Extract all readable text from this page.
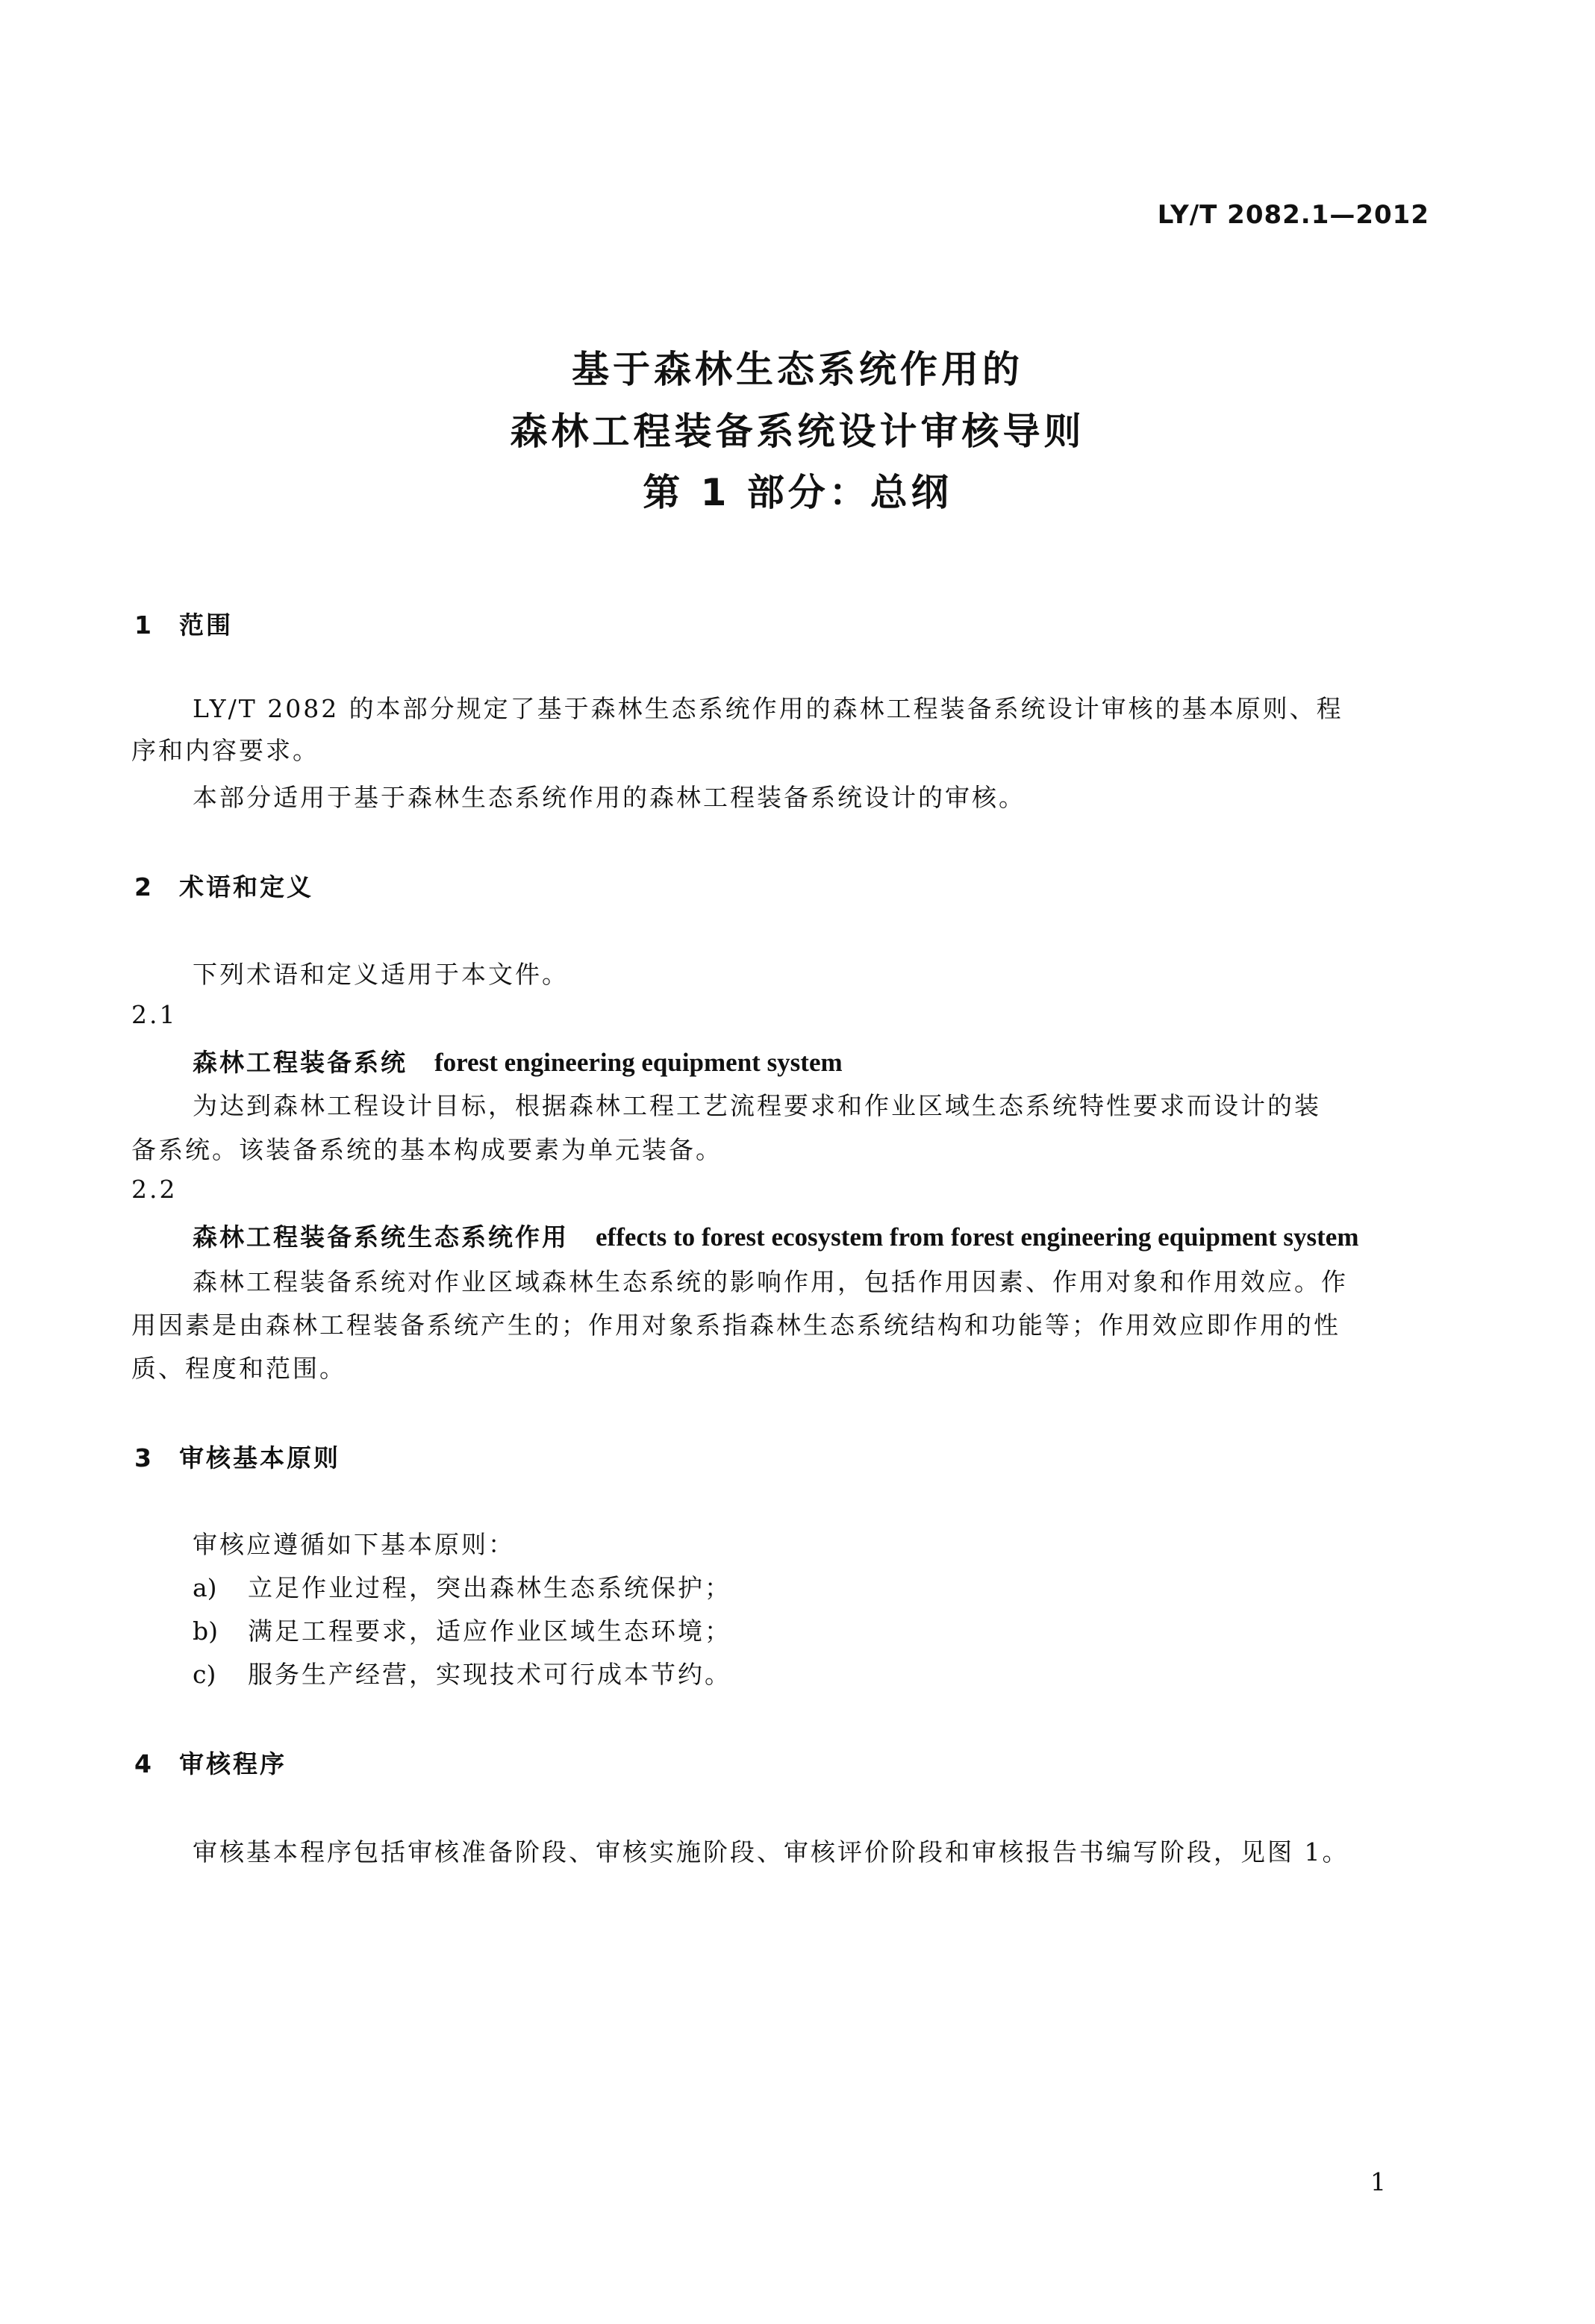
LY/T 2082.1—2012
基于森林生态系统作用的
森林工程装备系统设计审核导则
第 1 部分：总纲
1 范围
LY/T 2082 的本部分规定了基于森林生态系统作用的森林工程装备系统设计审核的基本原则、程
序和内容要求。
本部分适用于基于森林生态系统作用的森林工程装备系统设计的审核。
2 术语和定义
下列术语和定义适用于本文件。
2.1
森林工程装备系统 forest engineering equipment system
为达到森林工程设计目标，根据森林工程工艺流程要求和作业区域生态系统特性要求而设计的装
备系统。该装备系统的基本构成要素为单元装备。
2.2
森林工程装备系统生态系统作用 effects to forest ecosystem from forest engineering equipment system
森林工程装备系统对作业区域森林生态系统的影响作用，包括作用因素、作用对象和作用效应。作
用因素是由森林工程装备系统产生的；作用对象系指森林生态系统结构和功能等；作用效应即作用的性
质、程度和范围。
3 审核基本原则
审核应遵循如下基本原则：
a) 立足作业过程，突出森林生态系统保护；
b) 满足工程要求，适应作业区域生态环境；
c) 服务生产经营，实现技术可行成本节约。
4 审核程序
审核基本程序包括审核准备阶段、审核实施阶段、审核评价阶段和审核报告书编写阶段，见图 1。
1
